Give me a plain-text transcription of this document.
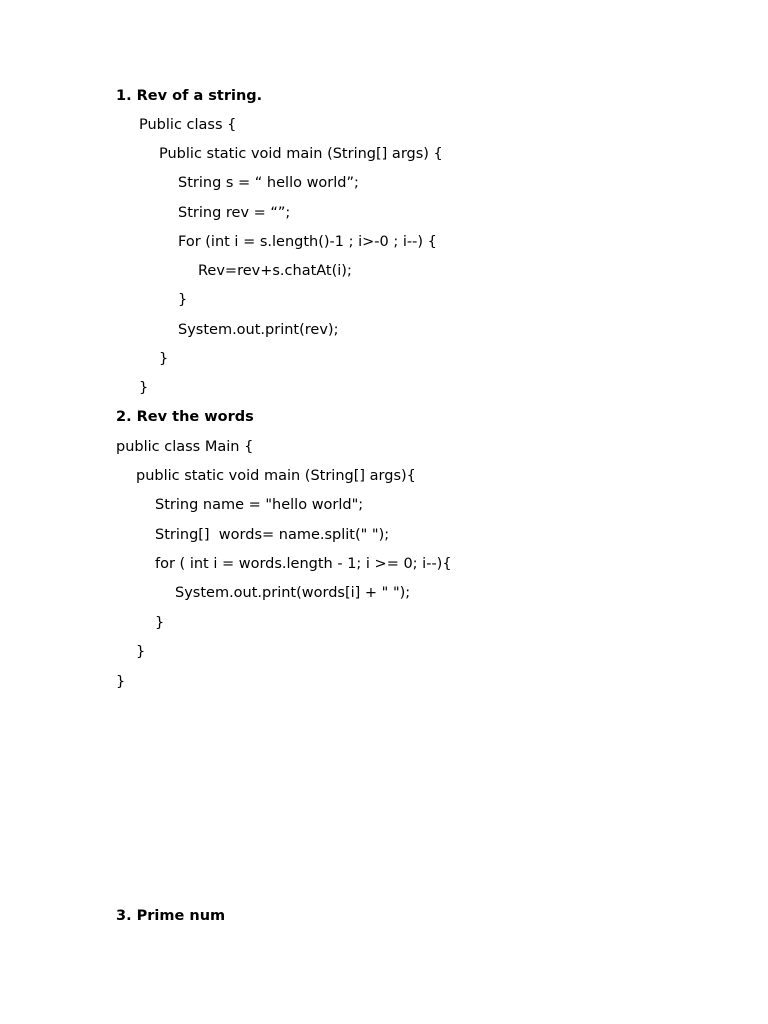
1. Rev of a string.
Public class {
Public static void main (String[] args) {
String s = “ hello world”;
String rev = “”;
For (int i = s.length()-1 ; i>-0 ; i--) {
Rev=rev+s.chatAt(i);
}
System.out.print(rev);
}
}
2. Rev the words
public class Main {
public static void main (String[] args){
String name = "hello world";
String[]  words= name.split(" ");
for ( int i = words.length - 1; i >= 0; i--){
System.out.print(words[i] + " ");
}
}
}
3. Prime num
